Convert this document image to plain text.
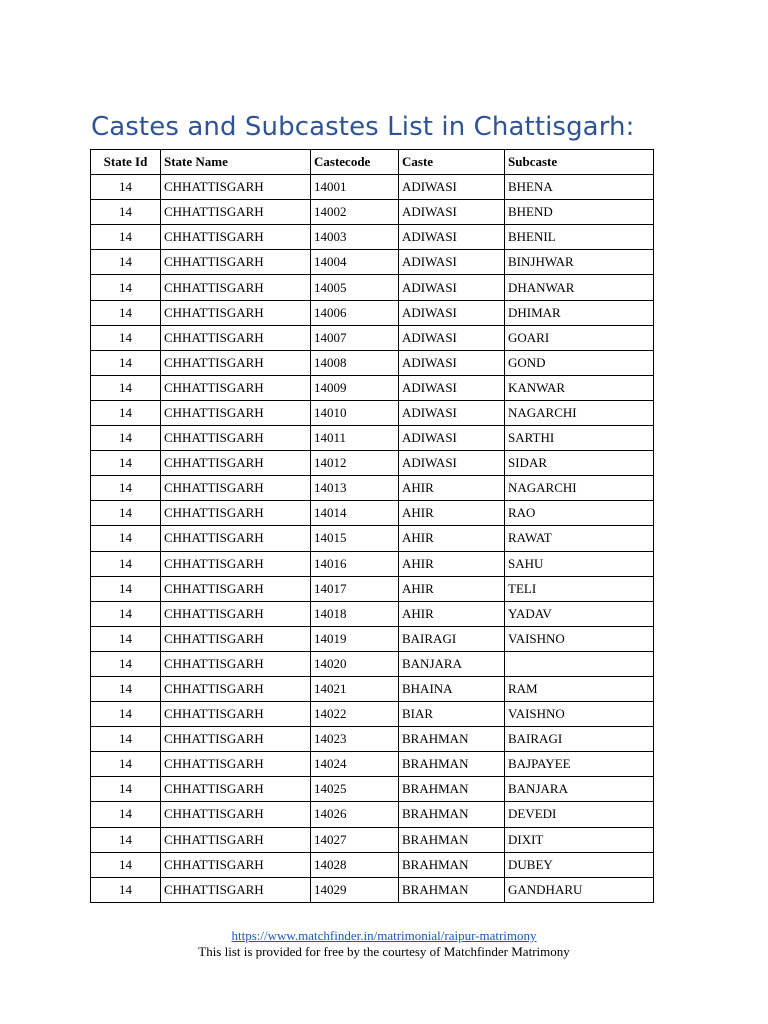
Castes and Subcastes List in Chattisgarh:
State Id	State Name	Castecode	Caste	Subcaste
14	CHHATTISGARH	14001	ADIWASI	BHENA
14	CHHATTISGARH	14002	ADIWASI	BHEND
14	CHHATTISGARH	14003	ADIWASI	BHENIL
14	CHHATTISGARH	14004	ADIWASI	BINJHWAR
14	CHHATTISGARH	14005	ADIWASI	DHANWAR
14	CHHATTISGARH	14006	ADIWASI	DHIMAR
14	CHHATTISGARH	14007	ADIWASI	GOARI
14	CHHATTISGARH	14008	ADIWASI	GOND
14	CHHATTISGARH	14009	ADIWASI	KANWAR
14	CHHATTISGARH	14010	ADIWASI	NAGARCHI
14	CHHATTISGARH	14011	ADIWASI	SARTHI
14	CHHATTISGARH	14012	ADIWASI	SIDAR
14	CHHATTISGARH	14013	AHIR	NAGARCHI
14	CHHATTISGARH	14014	AHIR	RAO
14	CHHATTISGARH	14015	AHIR	RAWAT
14	CHHATTISGARH	14016	AHIR	SAHU
14	CHHATTISGARH	14017	AHIR	TELI
14	CHHATTISGARH	14018	AHIR	YADAV
14	CHHATTISGARH	14019	BAIRAGI	VAISHNO
14	CHHATTISGARH	14020	BANJARA	
14	CHHATTISGARH	14021	BHAINA	RAM
14	CHHATTISGARH	14022	BIAR	VAISHNO
14	CHHATTISGARH	14023	BRAHMAN	BAIRAGI
14	CHHATTISGARH	14024	BRAHMAN	BAJPAYEE
14	CHHATTISGARH	14025	BRAHMAN	BANJARA
14	CHHATTISGARH	14026	BRAHMAN	DEVEDI
14	CHHATTISGARH	14027	BRAHMAN	DIXIT
14	CHHATTISGARH	14028	BRAHMAN	DUBEY
14	CHHATTISGARH	14029	BRAHMAN	GANDHARU
https://www.matchfinder.in/matrimonial/raipur-matrimony
This list is provided for free by the courtesy of Matchfinder Matrimony
